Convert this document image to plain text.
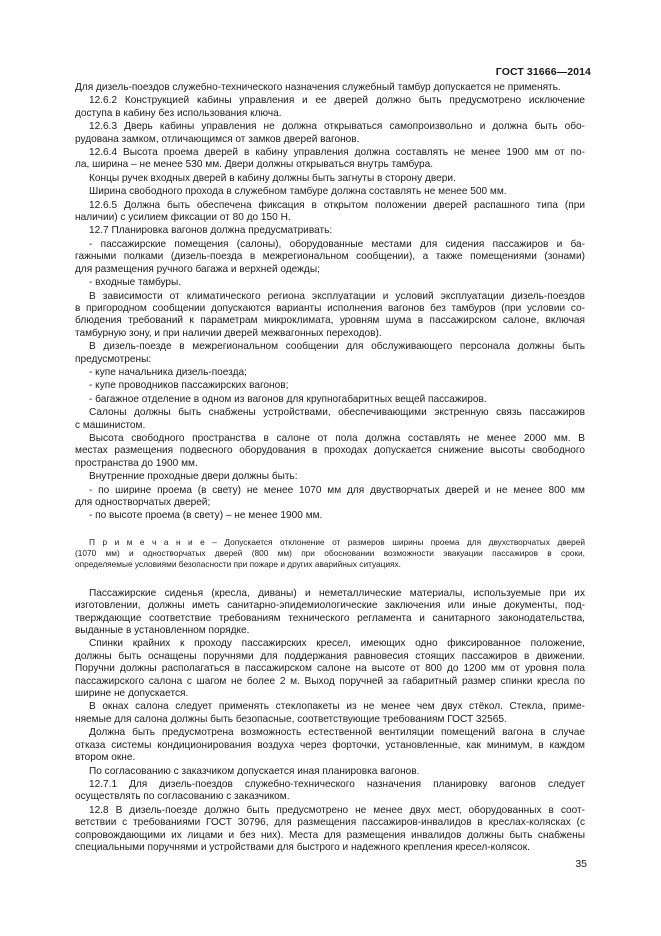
ГОСТ 31666—2014
Для дизель-поездов служебно-технического назначения служебный тамбур допускается не применять.
12.6.2 Конструкцией кабины управления и ее дверей должно быть предусмотрено исключение
доступа в кабину без использования ключа.
12.6.3 Дверь кабины управления не должна открываться самопроизвольно и должна быть обо-
рудована замком, отличающимся от замков дверей вагонов.
12.6.4 Высота проема дверей в кабину управления должна составлять не менее 1900 мм от по-
ла, ширина – не менее 530 мм. Двери должны открываться внутрь тамбура.
Концы ручек входных дверей в кабину должны быть загнуты в сторону двери.
Ширина свободного прохода в служебном тамбуре должна составлять не менее 500 мм.
12.6.5 Должна быть обеспечена фиксация в открытом положении дверей распашного типа (при
наличии) с усилием фиксации от 80 до 150 Н.
12.7 Планировка вагонов должна предусматривать:
- пассажирские помещения (салоны), оборудованные местами для сидения пассажиров и ба-
гажными полками (дизель-поезда в межрегиональном сообщении), а также помещениями (зонами)
для размещения ручного багажа и верхней одежды;
- входные тамбуры.
В зависимости от климатического региона эксплуатации и условий эксплуатации дизель-поездов
в пригородном сообщении допускаются варианты исполнения вагонов без тамбуров (при условии со-
блюдения требований к параметрам микроклимата, уровням шума в пассажирском салоне, включая
тамбурную зону, и при наличии дверей межвагонных переходов).
В дизель-поезде в межрегиональном сообщении для обслуживающего персонала должны быть
предусмотрены:
- купе начальника дизель-поезда;
- купе проводников пассажирских вагонов;
- багажное отделение в одном из вагонов для крупногабаритных вещей пассажиров.
Салоны должны быть снабжены устройствами, обеспечивающими экстренную связь пассажиров
с машинистом.
Высота свободного пространства в салоне от пола должна составлять не менее 2000 мм. В
местах размещения подвесного оборудования в проходах допускается снижение высоты свободного
пространства до 1900 мм.
Внутренние проходные двери должны быть:
- по ширине проема (в свету) не менее 1070 мм для двустворчатых дверей и не менее 800 мм
для одностворчатых дверей;
- по высоте проема (в свету) – не менее 1900 мм.
П р и м е ч а н и е – Допускается отклонение от размеров ширины проема для двухстворчатых дверей
(1070 мм) и одностворчатых дверей (800 мм) при обосновании возможности эвакуации пассажиров в сроки,
определяемые условиями безопасности при пожаре и других аварийных ситуациях.
Пассажирские сиденья (кресла, диваны) и неметаллические материалы, используемые при их
изготовлении, должны иметь санитарно-эпидемиологические заключения или иные документы, под-
тверждающие соответствие требованиям технического регламента и санитарного законодательства,
выданные в установленном порядке.
Спинки крайних к проходу пассажирских кресел, имеющих одно фиксированное положение,
должны быть оснащены поручнями для поддержания равновесия стоящих пассажиров в движении.
Поручни должны располагаться в пассажирском салоне на высоте от 800 до 1200 мм от уровня пола
пассажирского салона с шагом не более 2 м. Выход поручней за габаритный размер спинки кресла по
ширине не допускается.
В окнах салона следует применять стеклопакеты из не менее чем двух стёкол. Стекла, приме-
няемые для салона должны быть безопасные, соответствующие требованиям ГОСТ 32565.
Должна быть предусмотрена возможность естественной вентиляции помещений вагона в случае
отказа системы кондиционирования воздуха через форточки, установленные, как минимум, в каждом
втором окне.
По согласованию с заказчиком допускается иная планировка вагонов.
12.7.1 Для дизель-поездов служебно-технического назначения планировку вагонов следует
осуществлять по согласованию с заказчиком.
12.8 В дизель-поезде должно быть предусмотрено не менее двух мест, оборудованных в соот-
ветствии с требованиями ГОСТ 30796, для размещения пассажиров-инвалидов в креслах-колясках (с
сопровождающими их лицами и без них). Места для размещения инвалидов должны быть снабжены
специальными поручнями и устройствами для быстрого и надежного крепления кресел-колясок.
35
